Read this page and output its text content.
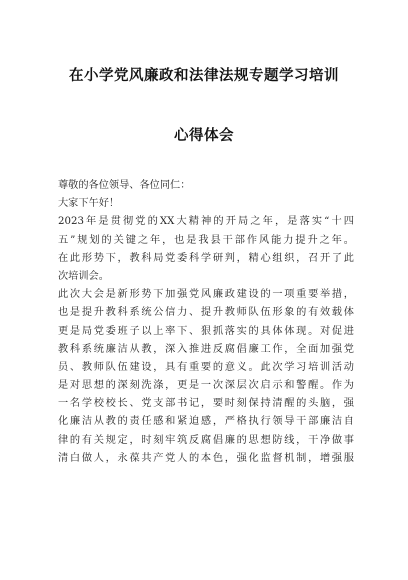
在小学党风廉政和法律法规专题学习培训
心得体会
尊敬的各位领导、各位同仁：
大家下午好！
2023年是贯彻党的XX大精神的开局之年，是落实“十四
五”规划的关键之年，也是我县干部作风能力提升之年。
在此形势下，教科局党委科学研判，精心组织，召开了此
次培训会。
此次大会是新形势下加强党风廉政建设的一项重要举措，
也是提升教科系统公信力、提升教师队伍形象的有效载体
更是局党委班子以上率下、狠抓落实的具体体现。对促进
教科系统廉洁从教，深入推进反腐倡廉工作，全面加强党
员、教师队伍建设，具有重要的意义。此次学习培训活动
是对思想的深刻洗涤，更是一次深层次启示和警醒。作为
一名学校校长、党支部书记，要时刻保持清醒的头脑，强
化廉洁从教的责任感和紧迫感，严格执行领导干部廉洁自
律的有关规定，时刻牢筑反腐倡廉的思想防线，干净做事
清白做人，永葆共产党人的本色，强化监督机制，增强服
